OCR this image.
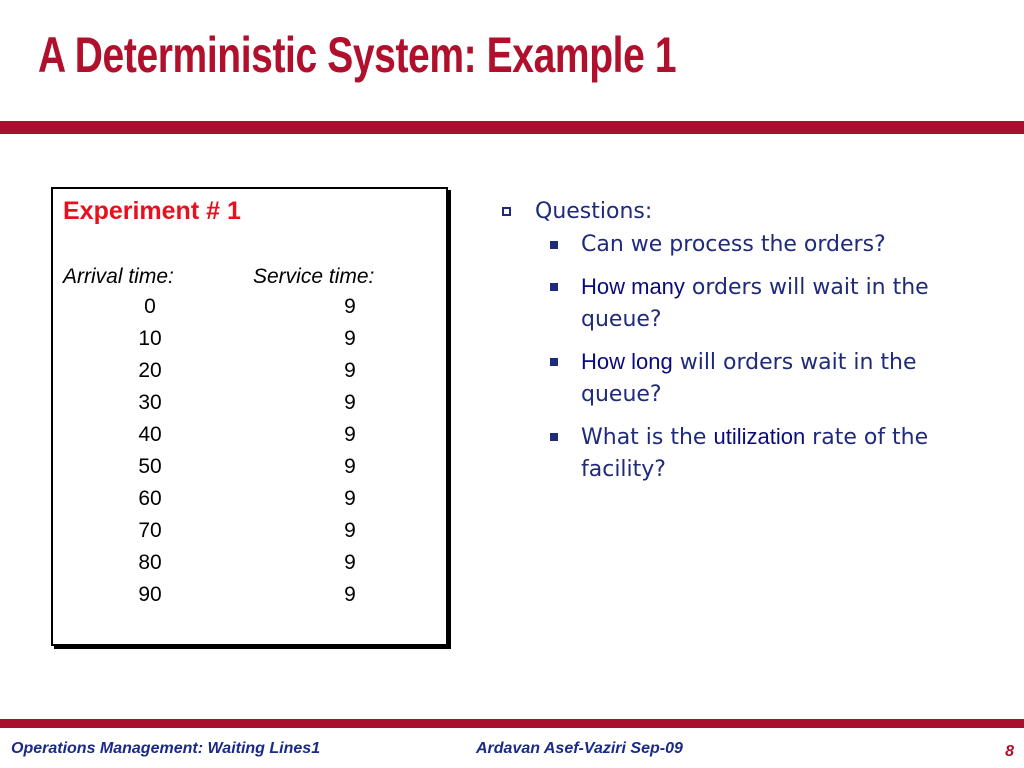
A Deterministic System: Example 1
Experiment # 1
Arrival time:	Service time:
0	9
10	9
20	9
30	9
40	9
50	9
60	9
70	9
80	9
90	9
Questions:
Can we process the orders?
How many orders will wait in the queue?
How long will orders wait in the queue?
What is the utilization rate of the facility?
Operations Management: Waiting Lines1	Ardavan Asef-Vaziri Sep-09	8
